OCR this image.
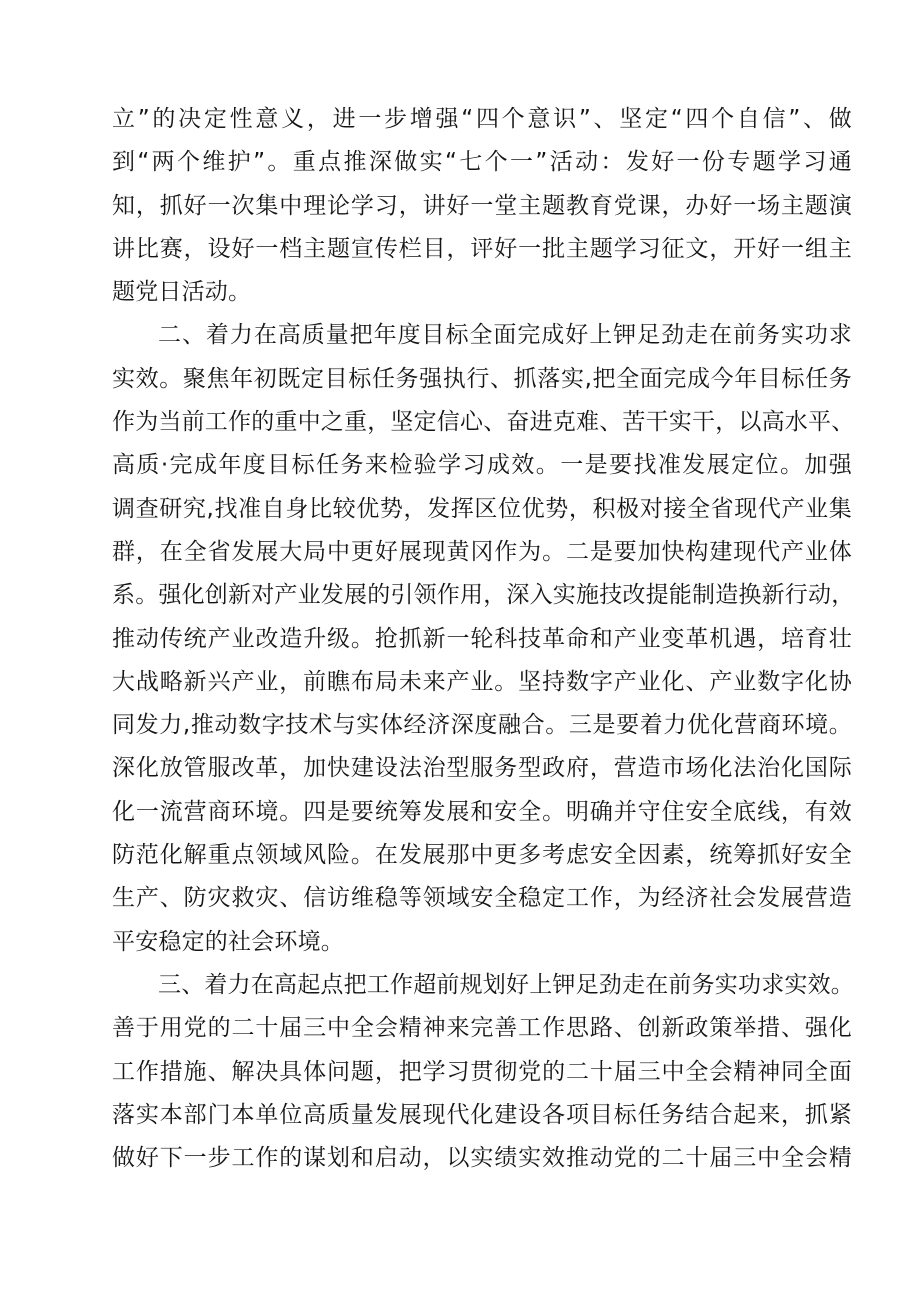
立”的决定性意义，进一步增强“四个意识”、坚定“四个自信”、做
到“两个维护”。重点推深做实“七个一”活动：发好一份专题学习通
知，抓好一次集中理论学习，讲好一堂主题教育党课，办好一场主题演
讲比赛，设好一档主题宣传栏目，评好一批主题学习征文，开好一组主
题党日活动。
二、着力在高质量把年度目标全面完成好上钾足劲走在前务实功求
实效。聚焦年初既定目标任务强执行、抓落实,把全面完成今年目标任务
作为当前工作的重中之重，坚定信心、奋进克难、苦干实干，以高水平、
高质·完成年度目标任务来检验学习成效。一是要找准发展定位。加强
调查研究,找准自身比较优势，发挥区位优势，积极对接全省现代产业集
群，在全省发展大局中更好展现黄冈作为。二是要加快构建现代产业体
系。强化创新对产业发展的引领作用，深入实施技改提能制造换新行动，
推动传统产业改造升级。抢抓新一轮科技革命和产业变革机遇，培育壮
大战略新兴产业，前瞧布局未来产业。坚持数字产业化、产业数字化协
同发力,推动数字技术与实体经济深度融合。三是要着力优化营商环境。
深化放管服改革，加快建设法治型服务型政府，营造市场化法治化国际
化一流营商环境。四是要统筹发展和安全。明确并守住安全底线，有效
防范化解重点领域风险。在发展那中更多考虑安全因素，统筹抓好安全
生产、防灾救灾、信访维稳等领域安全稳定工作，为经济社会发展营造
平安稳定的社会环境。
三、着力在高起点把工作超前规划好上钾足劲走在前务实功求实效。
善于用党的二十届三中全会精神来完善工作思路、创新政策举措、强化
工作措施、解决具体问题，把学习贯彻党的二十届三中全会精神同全面
落实本部门本单位高质量发展现代化建设各项目标任务结合起来，抓紧
做好下一步工作的谋划和启动，以实绩实效推动党的二十届三中全会精
